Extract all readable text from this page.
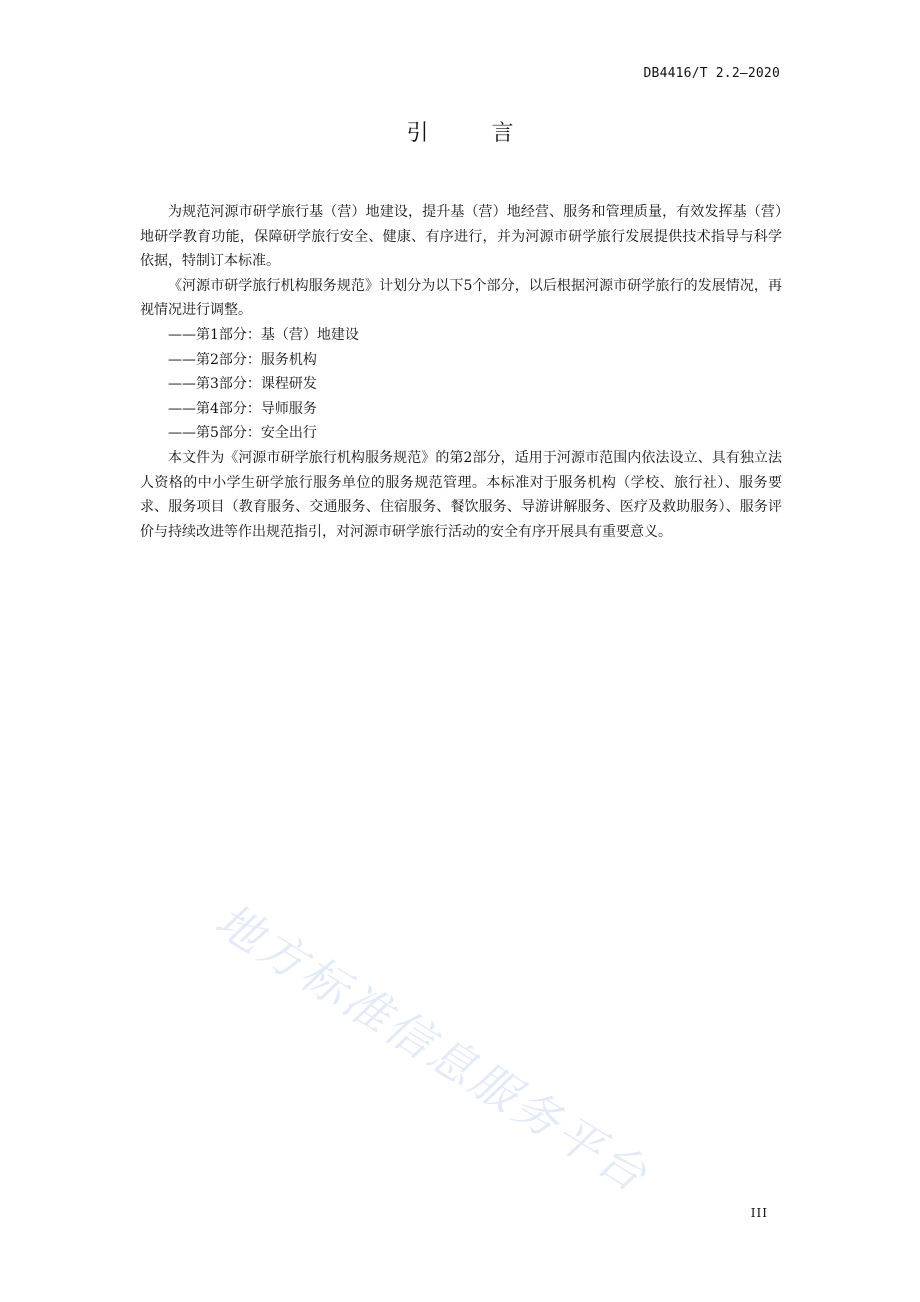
DB4416/T 2.2—2020
引 言

为规范河源市研学旅行基（营）地建设，提升基（营）地经营、服务和管理质量，有效发挥基（营）地研学教育功能，保障研学旅行安全、健康、有序进行，并为河源市研学旅行发展提供技术指导与科学依据，特制订本标准。

《河源市研学旅行机构服务规范》计划分为以下5个部分，以后根据河源市研学旅行的发展情况，再视情况进行调整。

——第1部分：基（营）地建设

——第2部分：服务机构

——第3部分：课程研发

——第4部分：导师服务

——第5部分：安全出行

本文件为《河源市研学旅行机构服务规范》的第2部分，适用于河源市范围内依法设立、具有独立法人资格的中小学生研学旅行服务单位的服务规范管理。本标准对于服务机构（学校、旅行社）、服务要求、服务项目（教育服务、交通服务、住宿服务、餐饮服务、导游讲解服务、医疗及救助服务）、服务评价与持续改进等作出规范指引，对河源市研学旅行活动的安全有序开展具有重要意义。

地方标准信息服务平台
III
